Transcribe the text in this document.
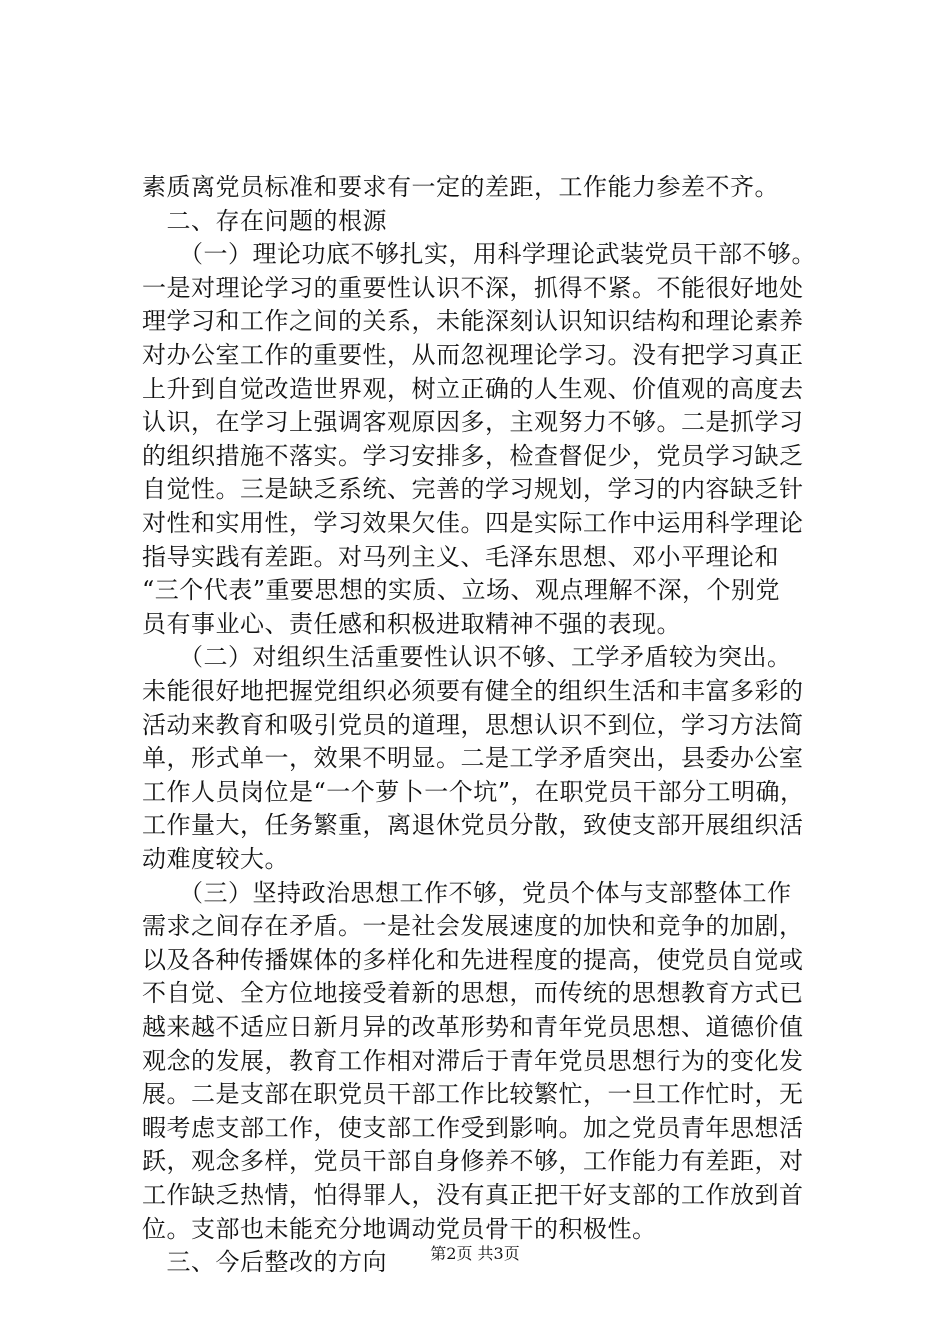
素质离党员标准和要求有一定的差距，工作能力参差不齐。
　二、存在问题的根源
　　（一）理论功底不够扎实，用科学理论武装党员干部不够。
一是对理论学习的重要性认识不深，抓得不紧。不能很好地处
理学习和工作之间的关系，未能深刻认识知识结构和理论素养
对办公室工作的重要性，从而忽视理论学习。没有把学习真正
上升到自觉改造世界观，树立正确的人生观、价值观的高度去
认识，在学习上强调客观原因多，主观努力不够。二是抓学习
的组织措施不落实。学习安排多，检查督促少，党员学习缺乏
自觉性。三是缺乏系统、完善的学习规划，学习的内容缺乏针
对性和实用性，学习效果欠佳。四是实际工作中运用科学理论
指导实践有差距。对马列主义、毛泽东思想、邓小平理论和
“三个代表”重要思想的实质、立场、观点理解不深，个别党
员有事业心、责任感和积极进取精神不强的表现。
　　（二）对组织生活重要性认识不够、工学矛盾较为突出。
未能很好地把握党组织必须要有健全的组织生活和丰富多彩的
活动来教育和吸引党员的道理，思想认识不到位，学习方法简
单，形式单一，效果不明显。二是工学矛盾突出，县委办公室
工作人员岗位是“一个萝卜一个坑”，在职党员干部分工明确，
工作量大，任务繁重，离退休党员分散，致使支部开展组织活
动难度较大。
　　（三）坚持政治思想工作不够，党员个体与支部整体工作
需求之间存在矛盾。一是社会发展速度的加快和竞争的加剧，
以及各种传播媒体的多样化和先进程度的提高，使党员自觉或
不自觉、全方位地接受着新的思想，而传统的思想教育方式已
越来越不适应日新月异的改革形势和青年党员思想、道德价值
观念的发展，教育工作相对滞后于青年党员思想行为的变化发
展。二是支部在职党员干部工作比较繁忙，一旦工作忙时，无
暇考虑支部工作，使支部工作受到影响。加之党员青年思想活
跃，观念多样，党员干部自身修养不够，工作能力有差距，对
工作缺乏热情，怕得罪人，没有真正把干好支部的工作放到首
位。支部也未能充分地调动党员骨干的积极性。
　三、今后整改的方向	第2页 共3页
